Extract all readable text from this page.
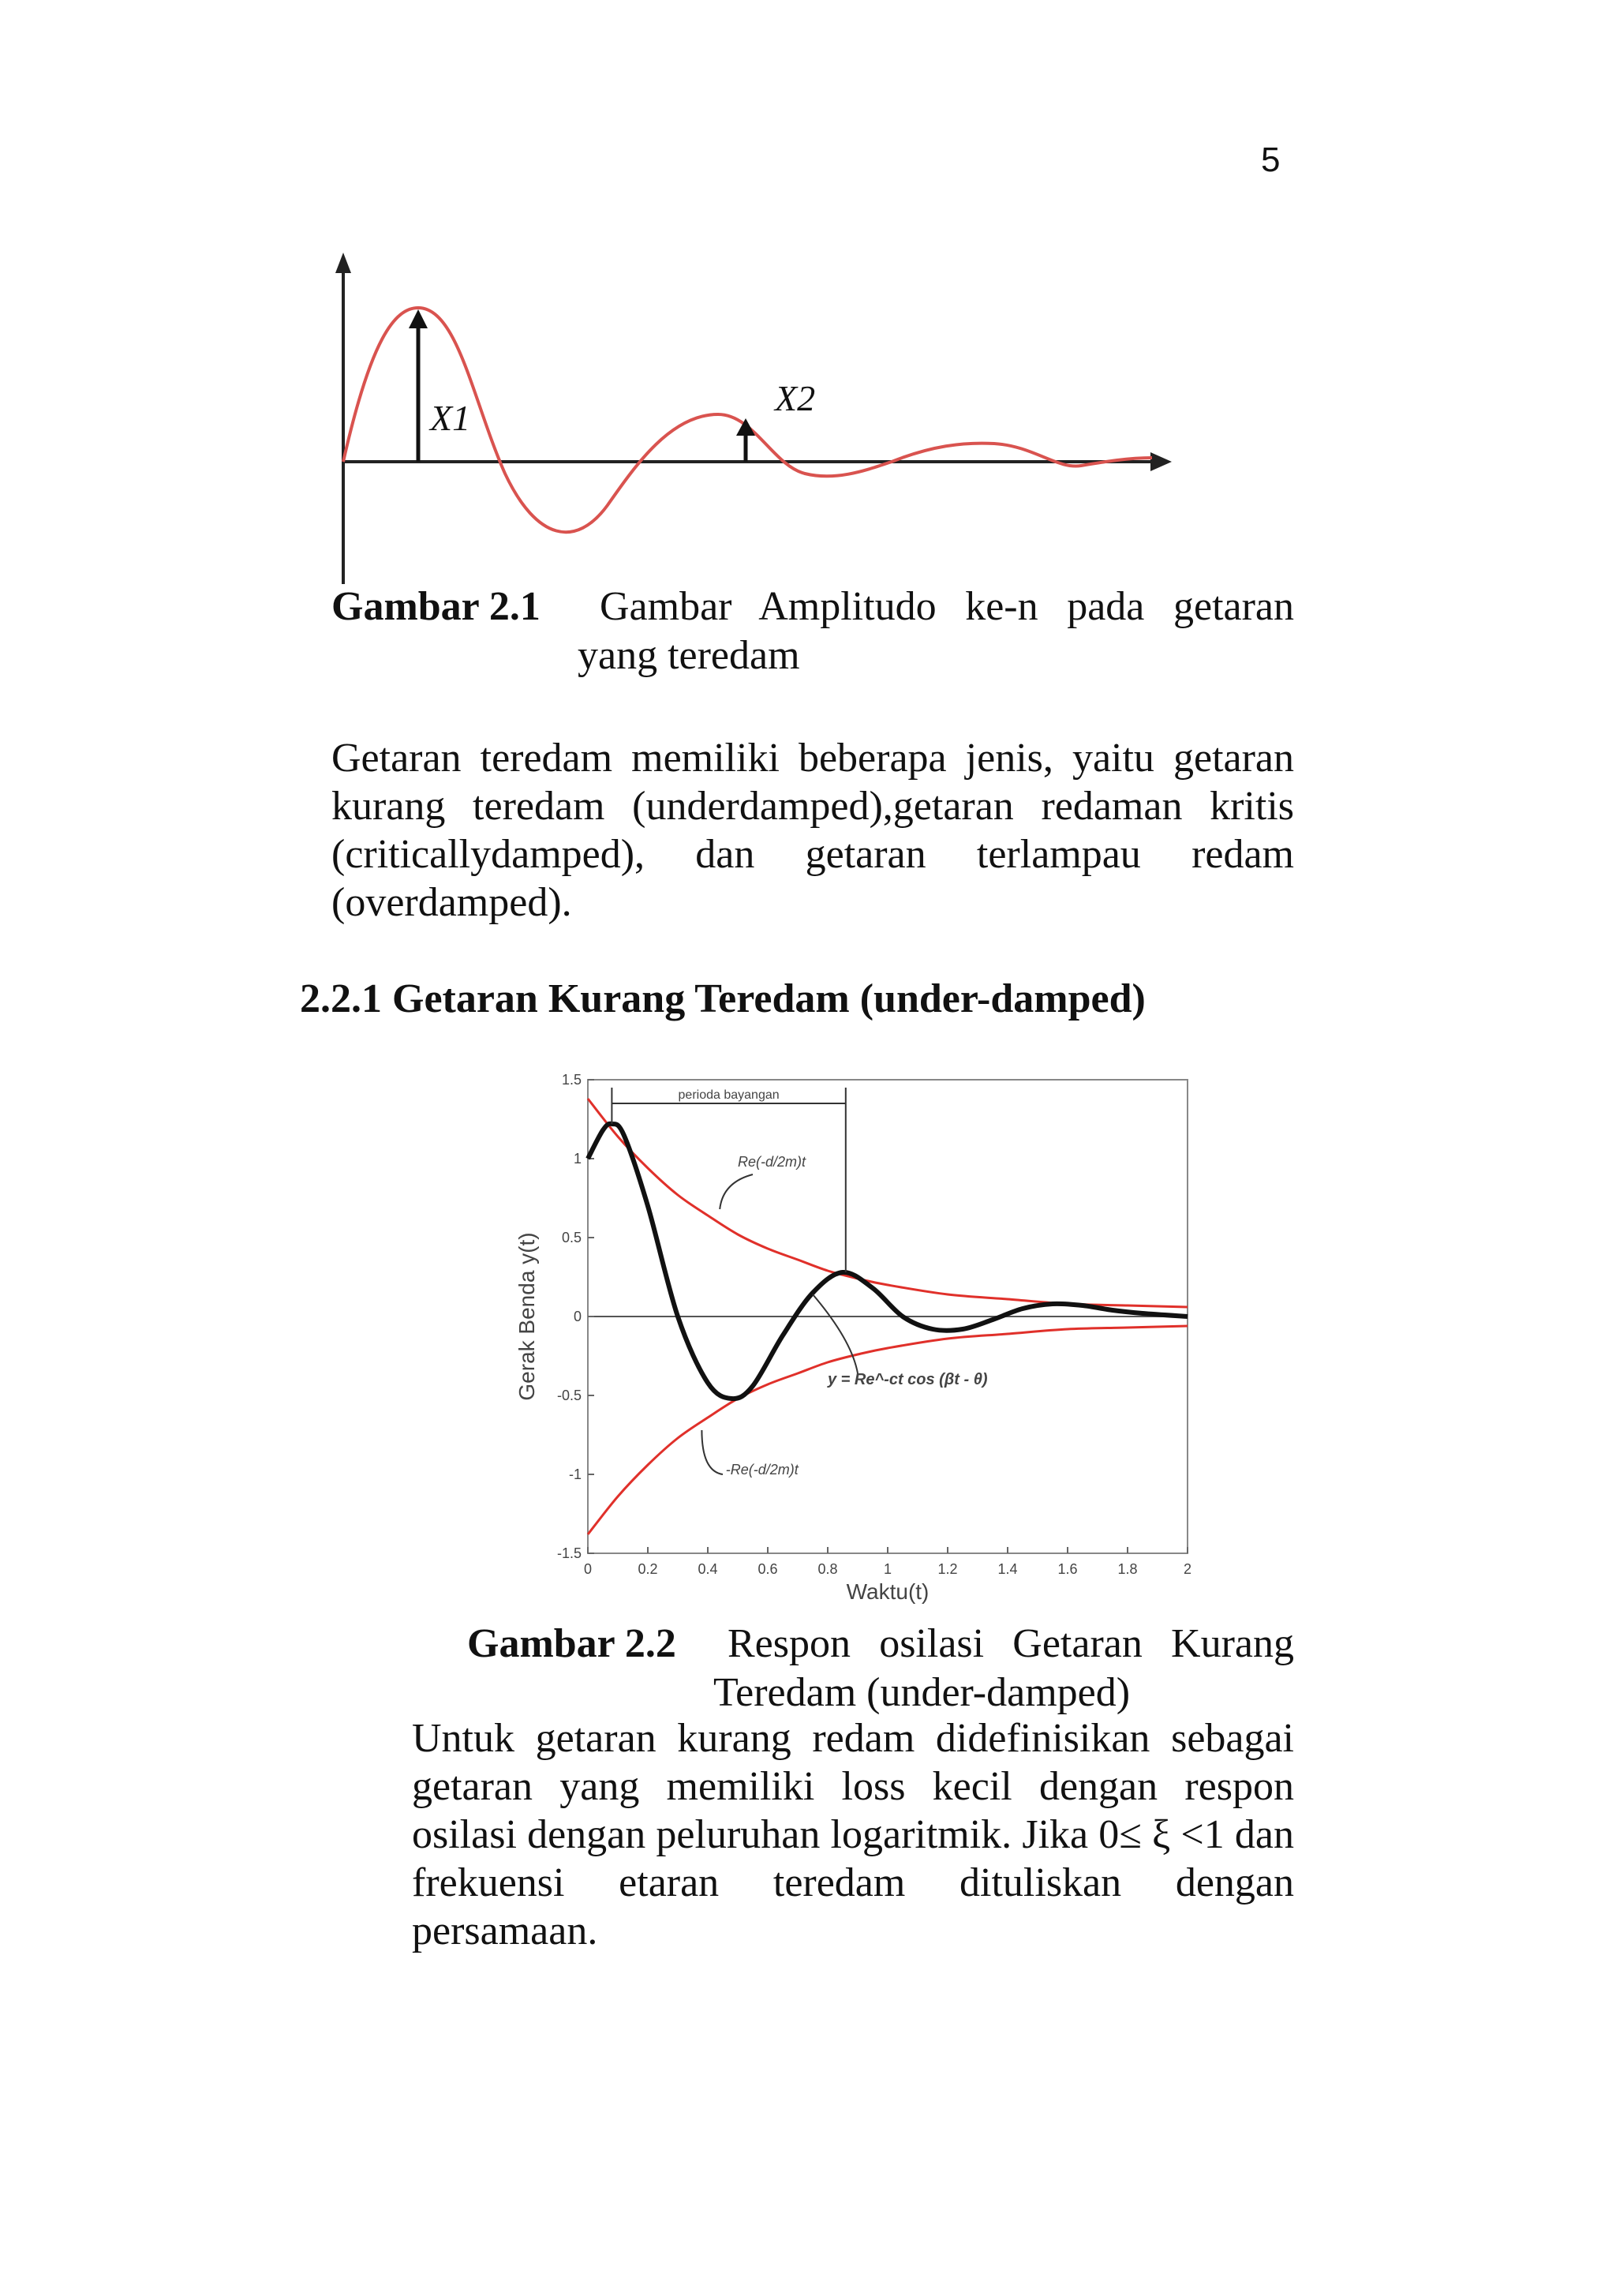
5
X1	X2
Gambar 2.1 Gambar Amplitudo ke-n pada getaran
yang teredam
Getaran teredam memiliki beberapa jenis, yaitu getaran kurang teredam (underdamped),getaran redaman kritis (criticallydamped), dan getaran terlampau redam (overdamped).
2.2.1 Getaran Kurang Teredam (under-damped)
0	0.2	0.4	0.6	0.8	1	1.2	1.4	1.6	1.8	2
1.5
1
0.5
0
-0.5
-1
-1.5
Waktu(t)
Gerak Benda y(t)
perioda bayangan
Re(-d/2m)t
-Re(-d/2m)t
y = Re^-ct cos (βt - θ)
Gambar 2.2 Respon osilasi Getaran Kurang
Teredam (under-damped)
Untuk getaran kurang redam didefinisikan sebagai getaran yang memiliki loss kecil dengan respon osilasi dengan peluruhan logaritmik. Jika 0≤ ξ <1 dan frekuensi etaran teredam dituliskan dengan persamaan.
